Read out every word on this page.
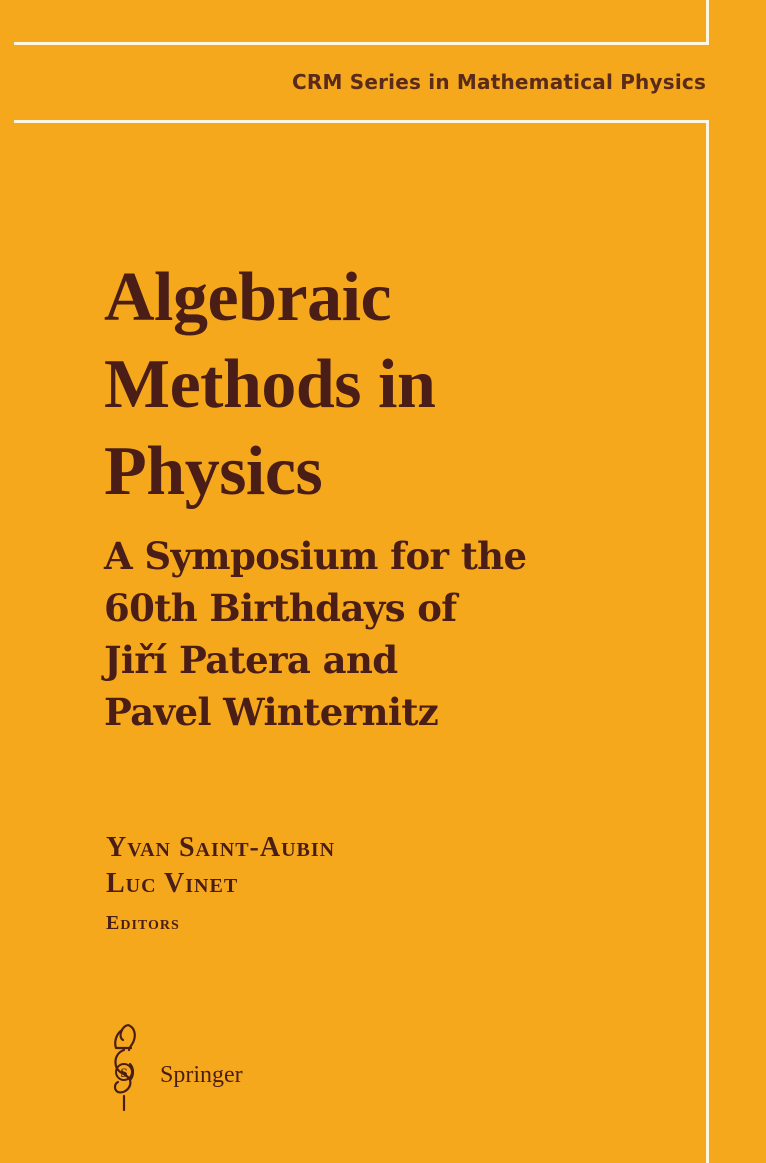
CRM Series in Mathematical Physics
Algebraic
Methods in
Physics
A Symposium for the
60th Birthdays of
Jiří Patera and
Pavel Winternitz
Yvan Saint-Aubin
Luc Vinet
Editors
S Springer
